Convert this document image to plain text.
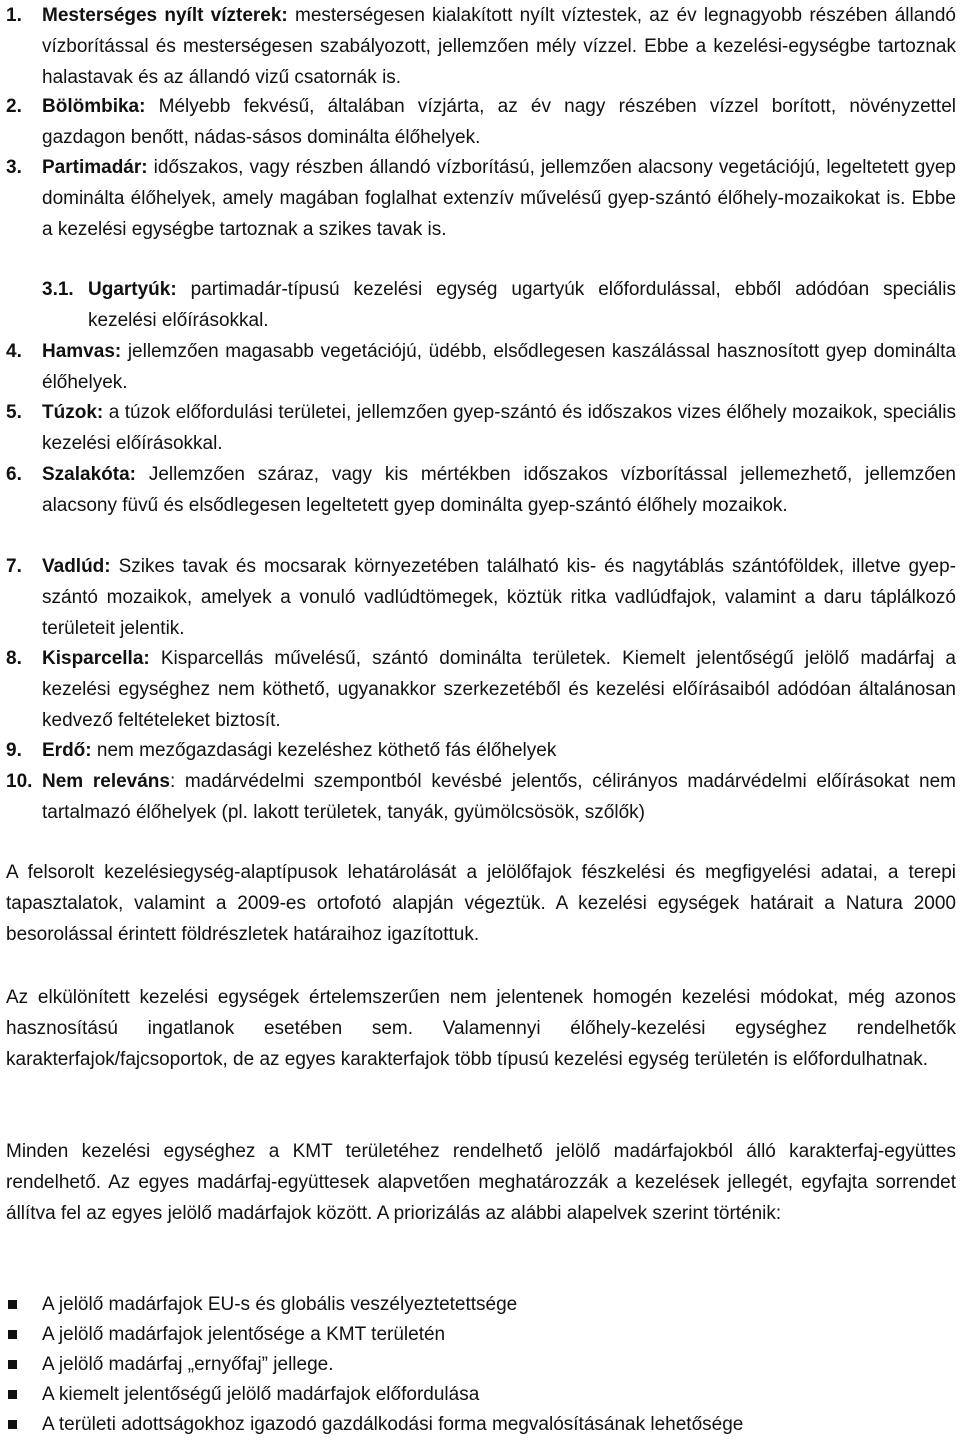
1. Mesterséges nyílt vízterek: mesterségesen kialakított nyílt víztestek, az év legnagyobb részében állandó vízborítással és mesterségesen szabályozott, jellemzően mély vízzel. Ebbe a kezelési-egységbe tartoznak halastavak és az állandó vizű csatornák is.

2. Bölömbika: Mélyebb fekvésű, általában vízjárta, az év nagy részében vízzel borított, növényzettel gazdagon benőtt, nádas-sásos dominálta élőhelyek.

3. Partimadár: időszakos, vagy részben állandó vízborítású, jellemzően alacsony vegetációjú, legeltetett gyep dominálta élőhelyek, amely magában foglalhat extenzív művelésű gyep-szántó élőhely-mozaikokat is. Ebbe a kezelési egységbe tartoznak a szikes tavak is.

3.1. Ugartyúk: partimadár-típusú kezelési egység ugartyúk előfordulással, ebből adódóan speciális kezelési előírásokkal.

4. Hamvas: jellemzően magasabb vegetációjú, üdébb, elsődlegesen kaszálással hasznosított gyep dominálta élőhelyek.

5. Túzok: a túzok előfordulási területei, jellemzően gyep-szántó és időszakos vizes élőhely mozaikok, speciális kezelési előírásokkal.

6. Szalakóta: Jellemzően száraz, vagy kis mértékben időszakos vízborítással jellemezhető, jellemzően alacsony füvű és elsődlegesen legeltetett gyep dominálta gyep-szántó élőhely mozaikok.

7. Vadlúd: Szikes tavak és mocsarak környezetében található kis- és nagytáblás szántóföldek, illetve gyep-szántó mozaikok, amelyek a vonuló vadlúdtömegek, köztük ritka vadlúdfajok, valamint a daru táplálkozó területeit jelentik.

8. Kisparcella: Kisparcellás művelésű, szántó dominálta területek. Kiemelt jelentőségű jelölő madárfaj a kezelési egységhez nem köthető, ugyanakkor szerkezetéből és kezelési előírásaiból adódóan általánosan kedvező feltételeket biztosít.

9. Erdő: nem mezőgazdasági kezeléshez köthető fás élőhelyek

10. Nem releváns: madárvédelmi szempontból kevésbé jelentős, célirányos madárvédelmi előírásokat nem tartalmazó élőhelyek (pl. lakott területek, tanyák, gyümölcsösök, szőlők)

A felsorolt kezelésiegység-alaptípusok lehatárolását a jelölőfajok fészkelési és megfigyelési adatai, a terepi tapasztalatok, valamint a 2009-es ortofotó alapján végeztük. A kezelési egységek határait a Natura 2000 besorolással érintett földrészletek határaihoz igazítottuk.

Az elkülönített kezelési egységek értelemszerűen nem jelentenek homogén kezelési módokat, még azonos hasznosítású ingatlanok esetében sem. Valamennyi élőhely-kezelési egységhez rendelhetők karakterfajok/fajcsoportok, de az egyes karakterfajok több típusú kezelési egység területén is előfordulhatnak.

Minden kezelési egységhez a KMT területéhez rendelhető jelölő madárfajokból álló karakterfaj-együttes rendelhető. Az egyes madárfaj-együttesek alapvetően meghatározzák a kezelések jellegét, egyfajta sorrendet állítva fel az egyes jelölő madárfajok között. A priorizálás az alábbi alapelvek szerint történik:

A jelölő madárfajok EU-s és globális veszélyeztetettsége
A jelölő madárfajok jelentősége a KMT területén
A jelölő madárfaj „ernyőfaj” jellege.
A kiemelt jelentőségű jelölő madárfajok előfordulása
A területi adottságokhoz igazodó gazdálkodási forma megvalósításának lehetősége
